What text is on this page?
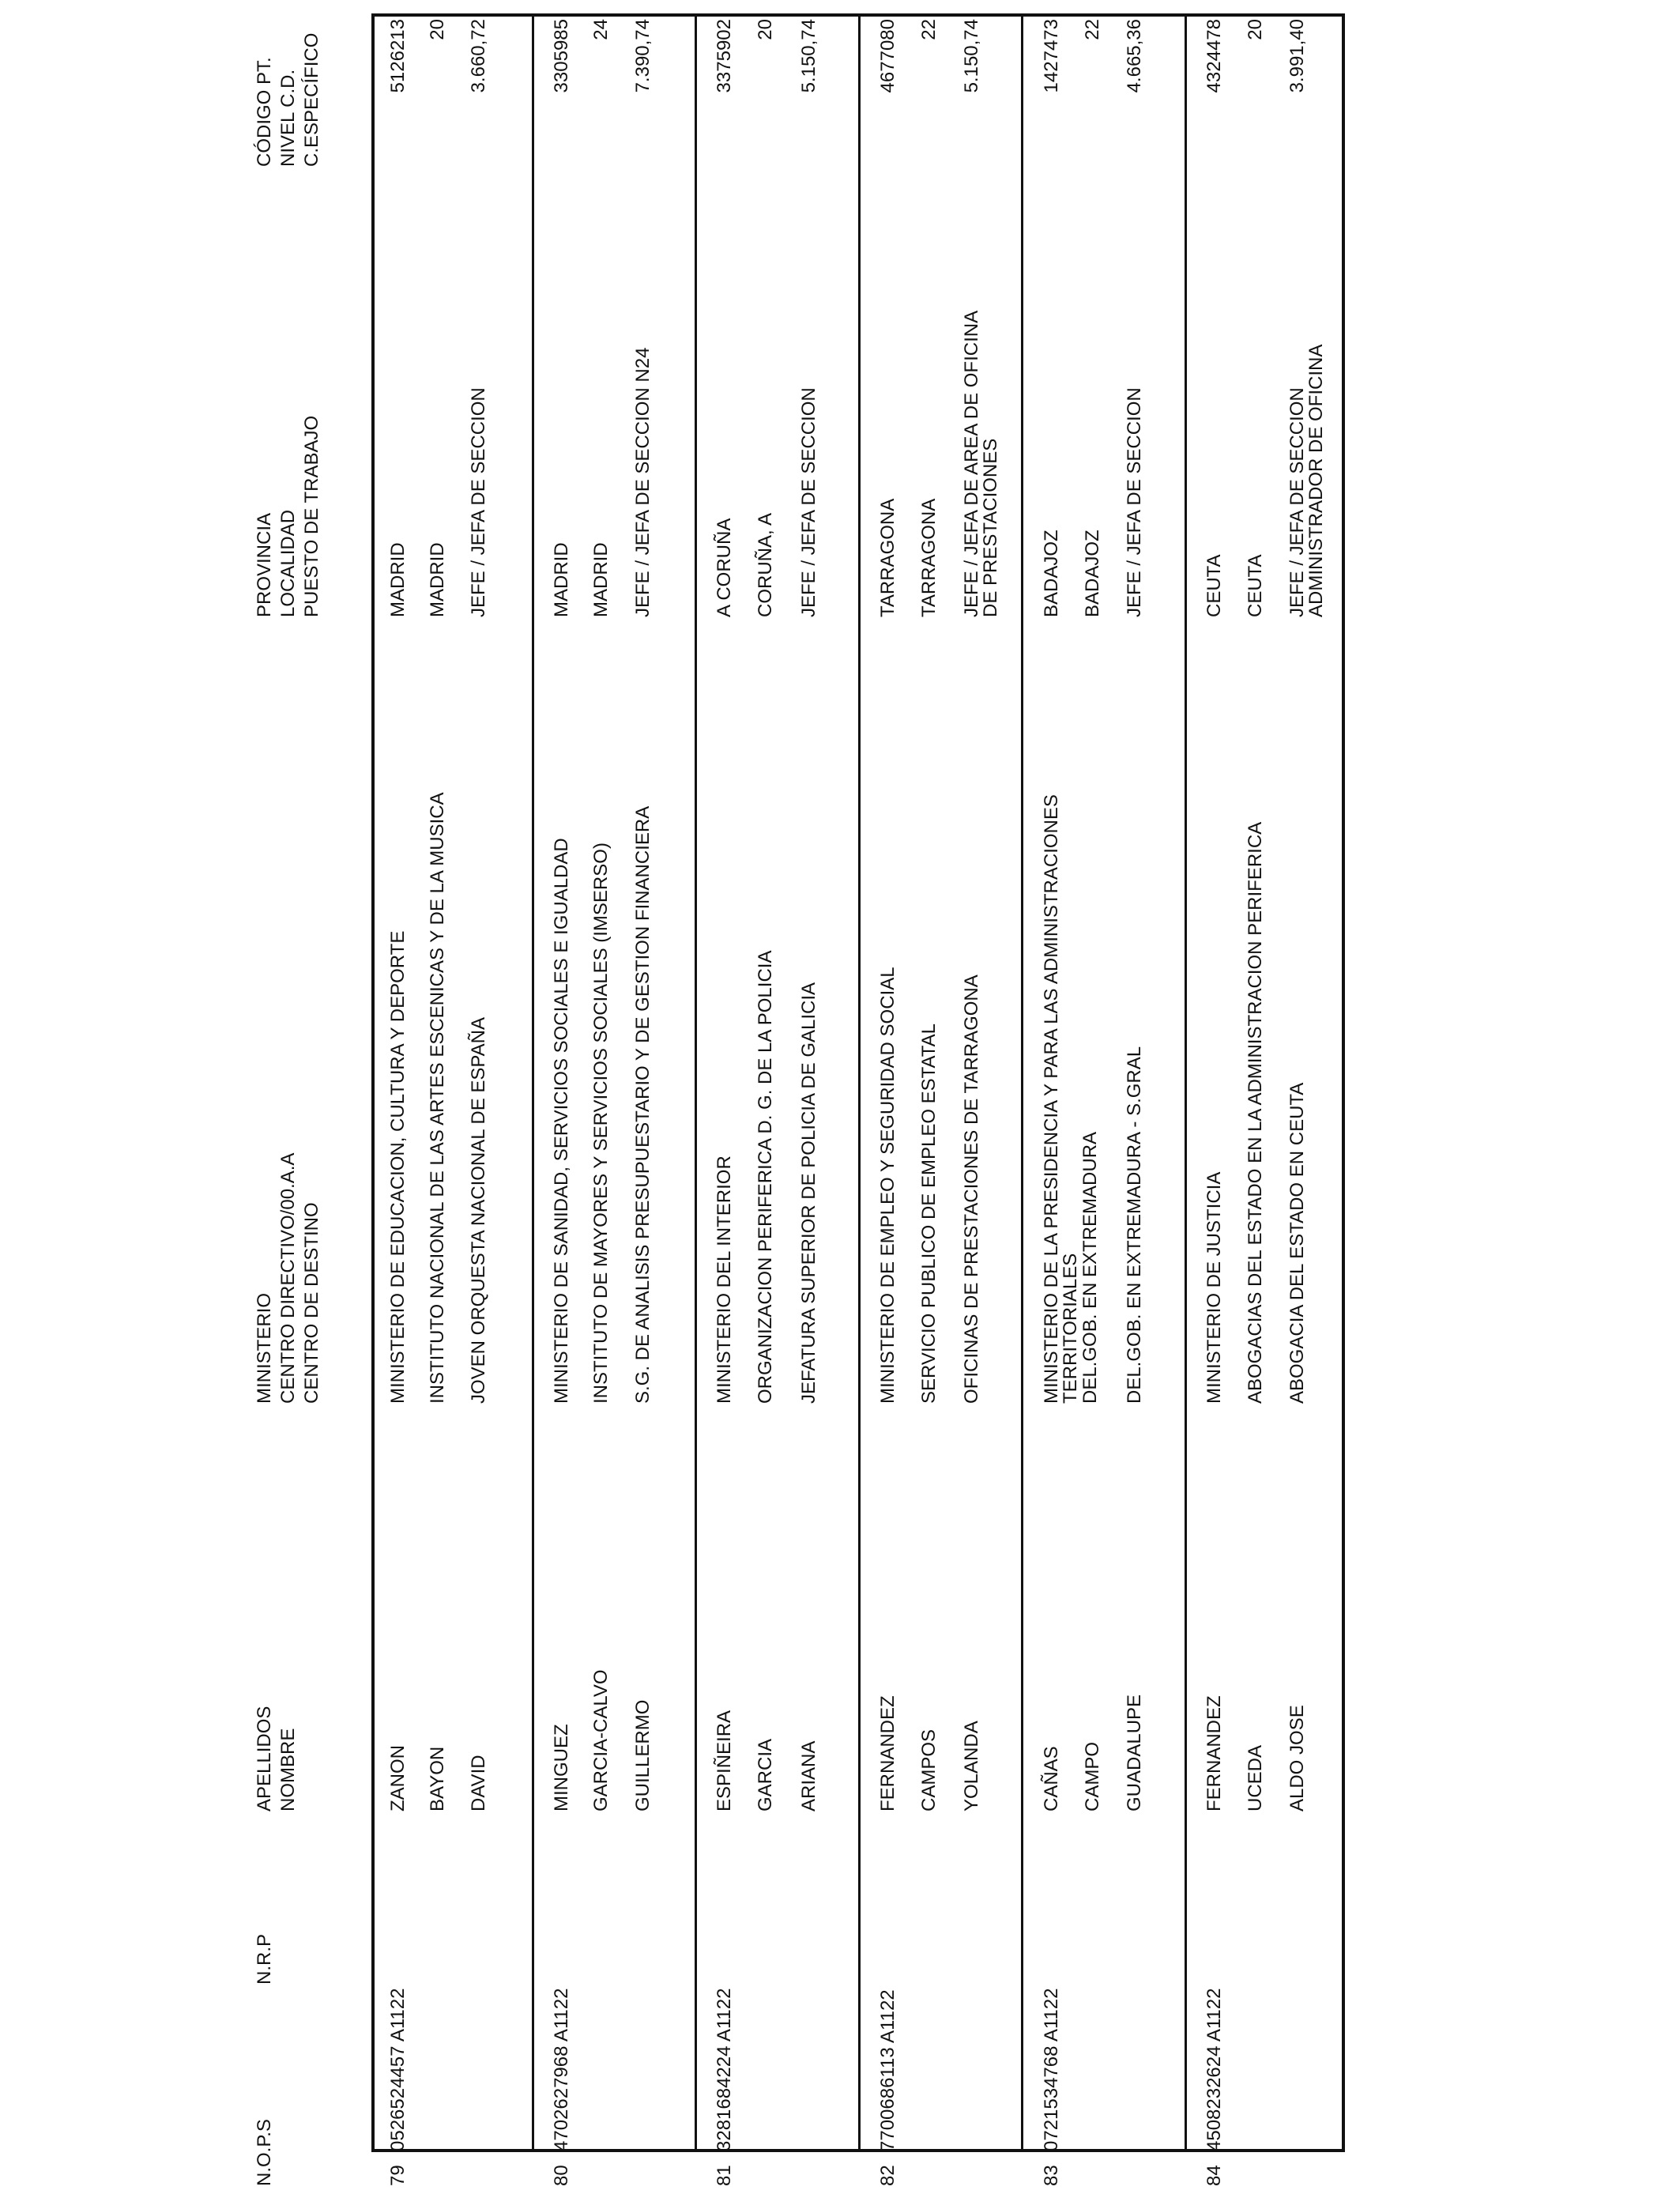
N.O.P.S
N.R.P
APELLIDOS NOMBRE
MINISTERIO CENTRO DIRECTIVO/00.A.A CENTRO DE DESTINO
PROVINCIA LOCALIDAD PUESTO DE TRABAJO
CÓDIGO PT. NIVEL C.D. C.ESPECÍFICO
79
0526524457 A1122
ZANON BAYON DAVID
MINISTERIO DE EDUCACION, CULTURA Y DEPORTE INSTITUTO NACIONAL DE LAS ARTES ESCENICAS Y DE LA MUSICA JOVEN ORQUESTA NACIONAL DE ESPAÑA
MADRID MADRID JEFE / JEFA DE SECCION
5126213 20 3.660,72
80
4702627968 A1122
MINGUEZ GARCIA-CALVO GUILLERMO
MINISTERIO DE SANIDAD, SERVICIOS SOCIALES E IGUALDAD INSTITUTO DE MAYORES Y SERVICIOS SOCIALES (IMSERSO) S.G. DE ANALISIS PRESUPUESTARIO Y DE GESTION FINANCIERA
MADRID MADRID JEFE / JEFA DE SECCION N24
3305985 24 7.390,74
81
3281684224 A1122
ESPIÑEIRA GARCIA ARIANA
MINISTERIO DEL INTERIOR ORGANIZACION PERIFERICA D. G. DE LA POLICIA JEFATURA SUPERIOR DE POLICIA DE GALICIA
A CORUÑA CORUÑA, A JEFE / JEFA DE SECCION
3375902 20 5.150,74
82
7700686113 A1122
FERNANDEZ CAMPOS YOLANDA
MINISTERIO DE EMPLEO Y SEGURIDAD SOCIAL SERVICIO PUBLICO DE EMPLEO ESTATAL OFICINAS DE PRESTACIONES DE TARRAGONA
TARRAGONA TARRAGONA JEFE / JEFA DE AREA DE OFICINA
DE PRESTACIONES
4677080 22 5.150,74
83
0721534768 A1122
CAÑAS CAMPO GUADALUPE
MINISTERIO DE LA PRESIDENCIA Y PARA LAS ADMINISTRACIONES
TERRITORIALES
DEL.GOB. EN EXTREMADURA DEL.GOB. EN EXTREMADURA - S.GRAL
BADAJOZ BADAJOZ JEFE / JEFA DE SECCION
1427473 22 4.665,36
84
4508232624 A1122
FERNANDEZ UCEDA ALDO JOSE
MINISTERIO DE JUSTICIA ABOGACIAS DEL ESTADO EN LA ADMINISTRACION PERIFERICA ABOGACIA DEL ESTADO EN CEUTA
CEUTA CEUTA JEFE / JEFA DE SECCION
ADMINISTRADOR DE OFICINA
4324478 20 3.991,40
